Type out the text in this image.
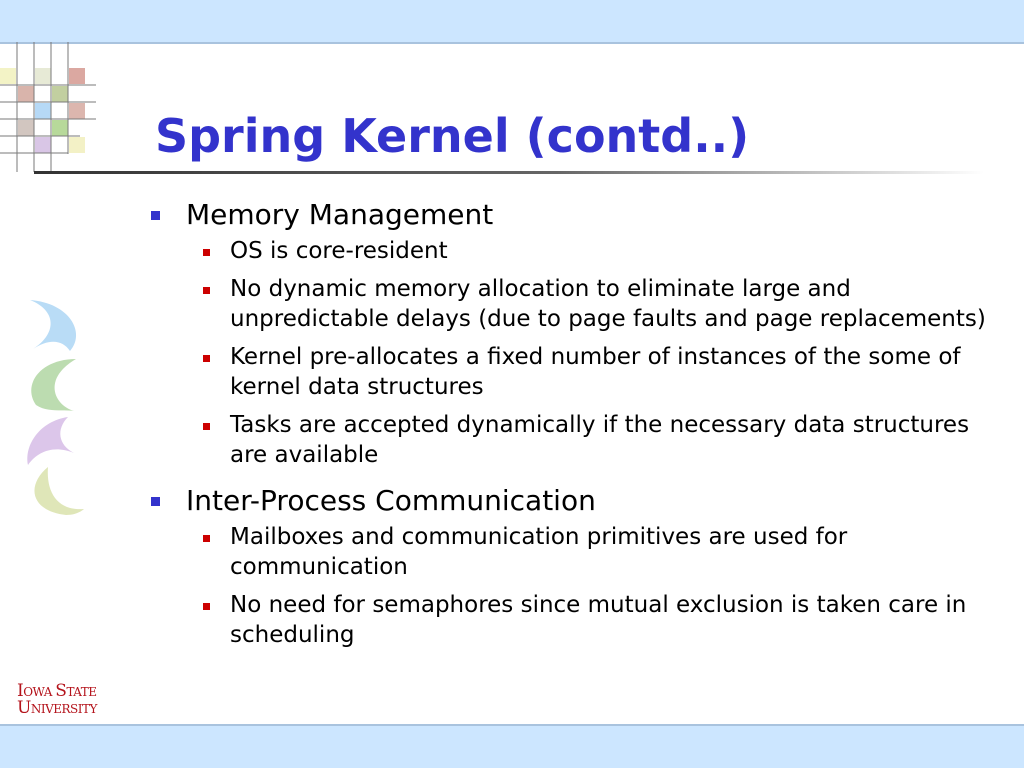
Spring Kernel (contd..)
IOWA STATE
UNIVERSITY
Memory Management
OS is core-resident
No dynamic memory allocation to eliminate large and unpredictable delays (due to page faults and page replacements)
Kernel pre-allocates a fixed number of instances of the some of kernel data structures
Tasks are accepted dynamically if the necessary data structures are available
Inter-Process Communication
Mailboxes and communication primitives are used for communication
No need for semaphores since mutual exclusion is taken care in scheduling
